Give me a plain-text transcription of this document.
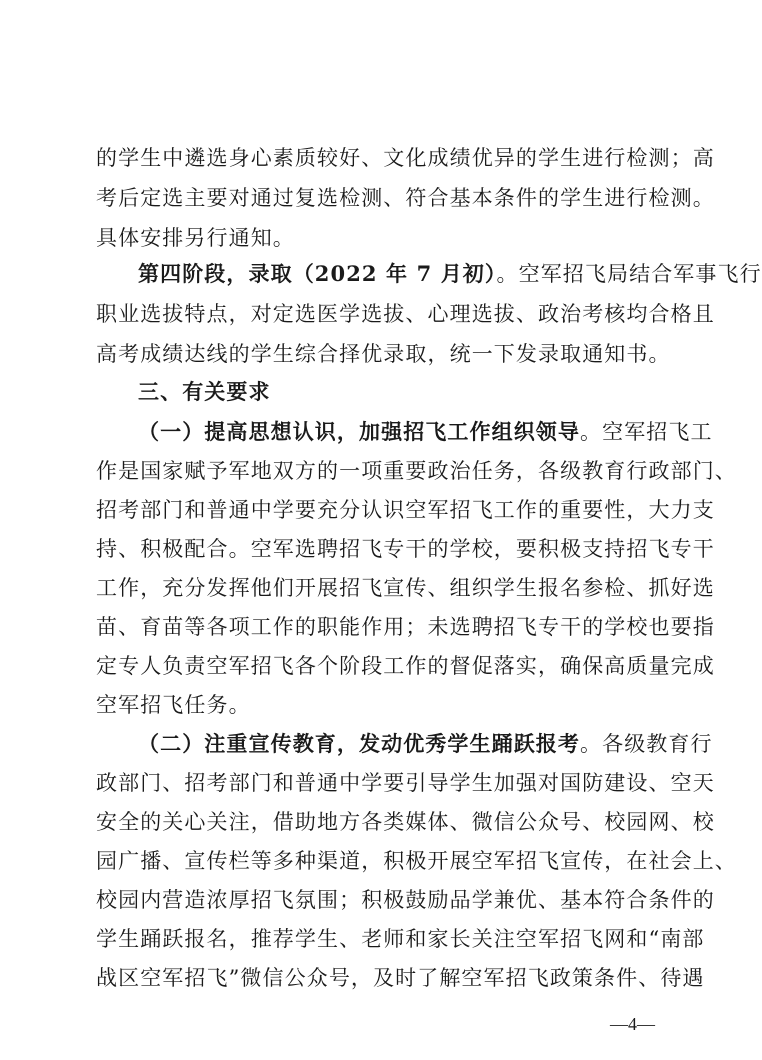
的学生中遴选身心素质较好、文化成绩优异的学生进行检测；高
考后定选主要对通过复选检测、符合基本条件的学生进行检测。
具体安排另行通知。
第四阶段，录取（2022 年 7 月初）。空军招飞局结合军事飞行
职业选拔特点，对定选医学选拔、心理选拔、政治考核均合格且
高考成绩达线的学生综合择优录取，统一下发录取通知书。
三、有关要求
（一）提高思想认识，加强招飞工作组织领导。空军招飞工
作是国家赋予军地双方的一项重要政治任务，各级教育行政部门、
招考部门和普通中学要充分认识空军招飞工作的重要性，大力支
持、积极配合。空军选聘招飞专干的学校，要积极支持招飞专干
工作，充分发挥他们开展招飞宣传、组织学生报名参检、抓好选
苗、育苗等各项工作的职能作用；未选聘招飞专干的学校也要指
定专人负责空军招飞各个阶段工作的督促落实，确保高质量完成
空军招飞任务。
（二）注重宣传教育，发动优秀学生踊跃报考。各级教育行
政部门、招考部门和普通中学要引导学生加强对国防建设、空天
安全的关心关注，借助地方各类媒体、微信公众号、校园网、校
园广播、宣传栏等多种渠道，积极开展空军招飞宣传，在社会上、
校园内营造浓厚招飞氛围；积极鼓励品学兼优、基本符合条件的
学生踊跃报名，推荐学生、老师和家长关注空军招飞网和“南部
战区空军招飞”微信公众号，及时了解空军招飞政策条件、待遇
—4—
